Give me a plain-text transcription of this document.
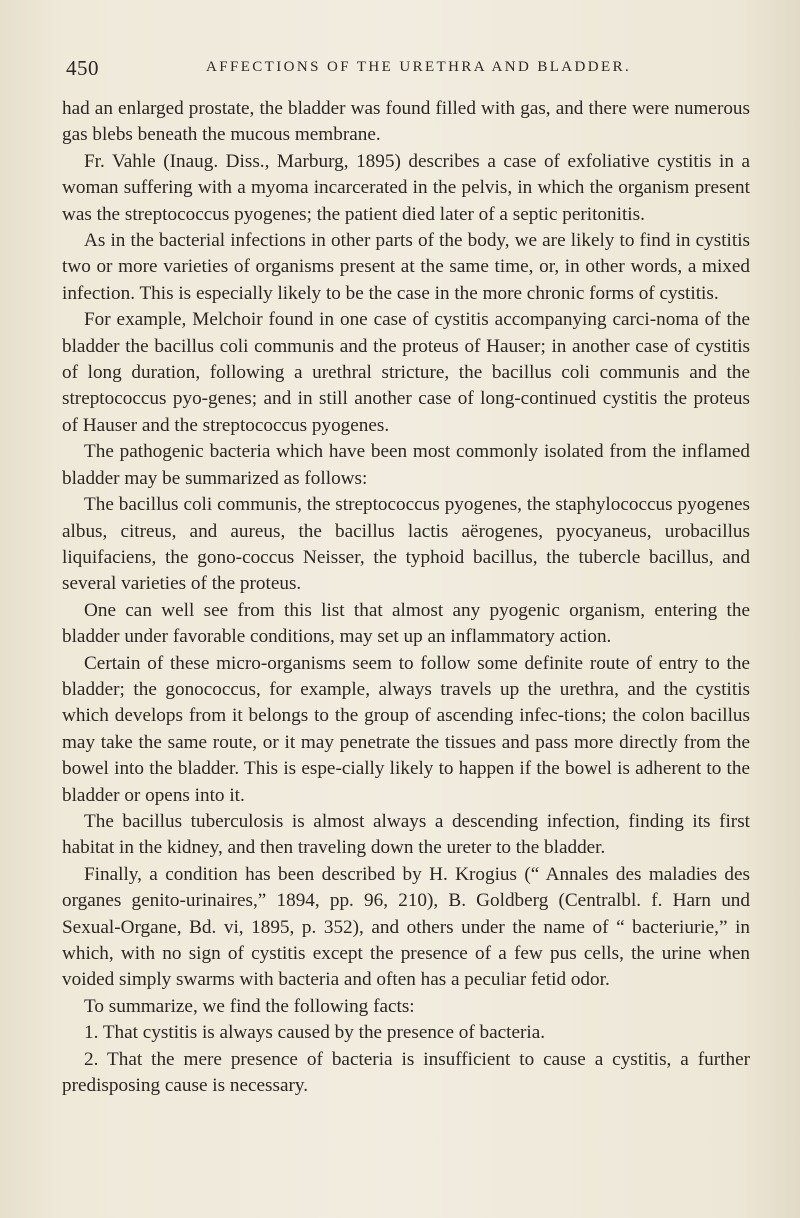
450	AFFECTIONS OF THE URETHRA AND BLADDER.

had an enlarged prostate, the bladder was found filled with gas, and there were numerous gas blebs beneath the mucous membrane.

Fr. Vahle (Inaug. Diss., Marburg, 1895) describes a case of exfoliative cystitis in a woman suffering with a myoma incarcerated in the pelvis, in which the organism present was the streptococcus pyogenes; the patient died later of a septic peritonitis.

As in the bacterial infections in other parts of the body, we are likely to find in cystitis two or more varieties of organisms present at the same time, or, in other words, a mixed infection. This is especially likely to be the case in the more chronic forms of cystitis.

For example, Melchoir found in one case of cystitis accompanying carci-noma of the bladder the bacillus coli communis and the proteus of Hauser; in another case of cystitis of long duration, following a urethral stricture, the bacillus coli communis and the streptococcus pyo-genes; and in still another case of long-continued cystitis the proteus of Hauser and the streptococcus pyogenes.

The pathogenic bacteria which have been most commonly isolated from the inflamed bladder may be summarized as follows:

The bacillus coli communis, the streptococcus pyogenes, the staphylococcus pyogenes albus, citreus, and aureus, the bacillus lactis aërogenes, pyocyaneus, urobacillus liquifaciens, the gono-coccus Neisser, the typhoid bacillus, the tubercle bacillus, and several varieties of the proteus.

One can well see from this list that almost any pyogenic organism, entering the bladder under favorable conditions, may set up an inflammatory action.

Certain of these micro-organisms seem to follow some definite route of entry to the bladder; the gonococcus, for example, always travels up the urethra, and the cystitis which develops from it belongs to the group of ascending infec-tions; the colon bacillus may take the same route, or it may penetrate the tissues and pass more directly from the bowel into the bladder. This is espe-cially likely to happen if the bowel is adherent to the bladder or opens into it.

The bacillus tuberculosis is almost always a descending infection, finding its first habitat in the kidney, and then traveling down the ureter to the bladder.

Finally, a condition has been described by H. Krogius (“ Annales des maladies des organes genito-urinaires,” 1894, pp. 96, 210), B. Goldberg (Centralbl. f. Harn und Sexual-Organe, Bd. vi, 1895, p. 352), and others under the name of “ bacteriurie,” in which, with no sign of cystitis except the presence of a few pus cells, the urine when voided simply swarms with bacteria and often has a peculiar fetid odor.

To summarize, we find the following facts:

1. That cystitis is always caused by the presence of bacteria.

2. That the mere presence of bacteria is insufficient to cause a cystitis, a further predisposing cause is necessary.
